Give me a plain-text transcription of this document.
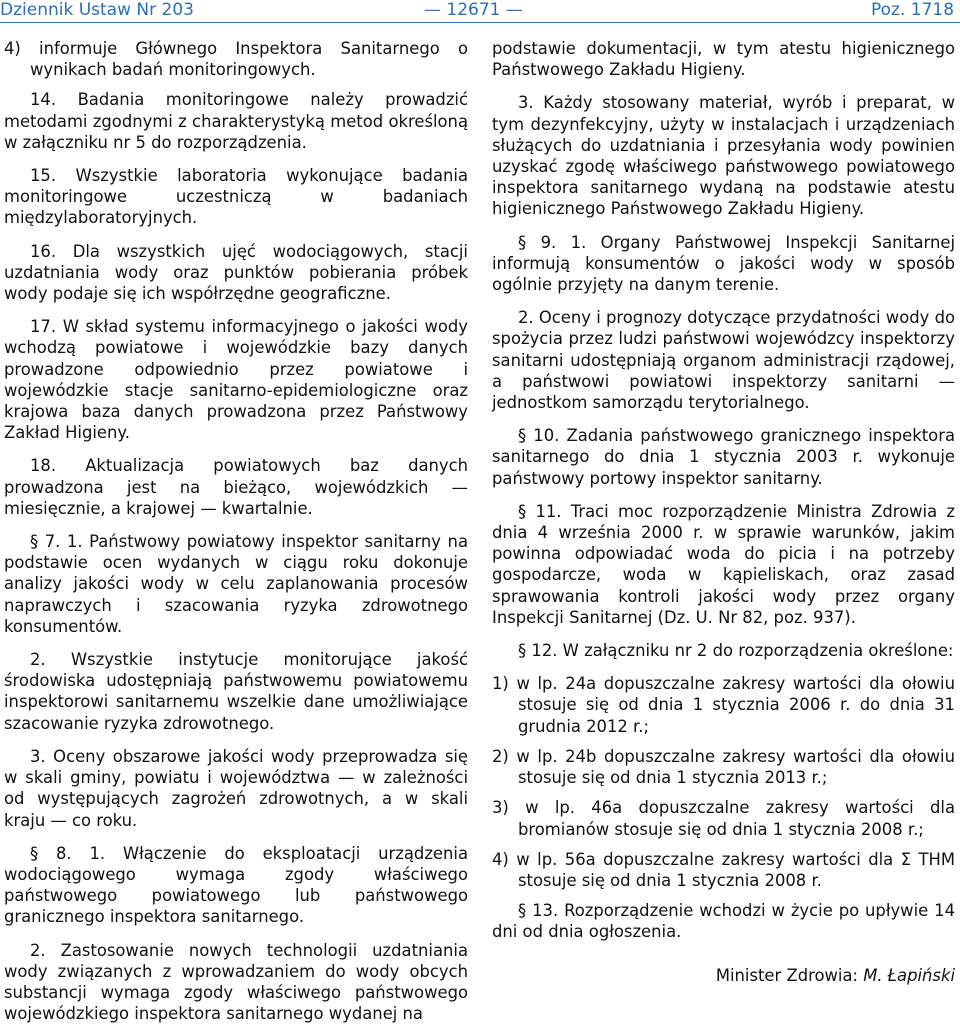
Dziennik Ustaw Nr 203	— 12671 —	Poz. 1718

4) informuje Głównego Inspektora Sanitarnego o wynikach badań monitoringowych.

14. Badania monitoringowe należy prowadzić metodami zgodnymi z charakterystyką metod określoną w załączniku nr 5 do rozporządzenia.

15. Wszystkie laboratoria wykonujące badania monitoringowe uczestniczą w badaniach międzylaboratoryjnych.

16. Dla wszystkich ujęć wodociągowych, stacji uzdatniania wody oraz punktów pobierania próbek wody podaje się ich współrzędne geograficzne.

17. W skład systemu informacyjnego o jakości wody wchodzą powiatowe i wojewódzkie bazy danych prowadzone odpowiednio przez powiatowe i wojewódzkie stacje sanitarno-epidemiologiczne oraz krajowa baza danych prowadzona przez Państwowy Zakład Higieny.

18. Aktualizacja powiatowych baz danych prowadzona jest na bieżąco, wojewódzkich — miesięcznie, a krajowej — kwartalnie.

§ 7. 1. Państwowy powiatowy inspektor sanitarny na podstawie ocen wydanych w ciągu roku dokonuje analizy jakości wody w celu zaplanowania procesów naprawczych i szacowania ryzyka zdrowotnego konsumentów.

2. Wszystkie instytucje monitorujące jakość środowiska udostępniają państwowemu powiatowemu inspektorowi sanitarnemu wszelkie dane umożliwiające szacowanie ryzyka zdrowotnego.

3. Oceny obszarowe jakości wody przeprowadza się w skali gminy, powiatu i województwa — w zależności od występujących zagrożeń zdrowotnych, a w skali kraju — co roku.

§ 8. 1. Włączenie do eksploatacji urządzenia wodociągowego wymaga zgody właściwego państwowego powiatowego lub państwowego granicznego inspektora sanitarnego.

2. Zastosowanie nowych technologii uzdatniania wody związanych z wprowadzaniem do wody obcych substancji wymaga zgody właściwego państwowego wojewódzkiego inspektora sanitarnego wydanej na

podstawie dokumentacji, w tym atestu higienicznego Państwowego Zakładu Higieny.

3. Każdy stosowany materiał, wyrób i preparat, w tym dezynfekcyjny, użyty w instalacjach i urządzeniach służących do uzdatniania i przesyłania wody powinien uzyskać zgodę właściwego państwowego powiatowego inspektora sanitarnego wydaną na podstawie atestu higienicznego Państwowego Zakładu Higieny.

§ 9. 1. Organy Państwowej Inspekcji Sanitarnej informują konsumentów o jakości wody w sposób ogólnie przyjęty na danym terenie.

2. Oceny i prognozy dotyczące przydatności wody do spożycia przez ludzi państwowi wojewódzcy inspektorzy sanitarni udostępniają organom administracji rządowej, a państwowi powiatowi inspektorzy sanitarni — jednostkom samorządu terytorialnego.

§ 10. Zadania państwowego granicznego inspektora sanitarnego do dnia 1 stycznia 2003 r. wykonuje państwowy portowy inspektor sanitarny.

§ 11. Traci moc rozporządzenie Ministra Zdrowia z dnia 4 września 2000 r. w sprawie warunków, jakim powinna odpowiadać woda do picia i na potrzeby gospodarcze, woda w kąpieliskach, oraz zasad sprawowania kontroli jakości wody przez organy Inspekcji Sanitarnej (Dz. U. Nr 82, poz. 937).

§ 12. W załączniku nr 2 do rozporządzenia określone:

1) w lp. 24a dopuszczalne zakresy wartości dla ołowiu stosuje się od dnia 1 stycznia 2006 r. do dnia 31 grudnia 2012 r.;

2) w lp. 24b dopuszczalne zakresy wartości dla ołowiu stosuje się od dnia 1 stycznia 2013 r.;

3) w lp. 46a dopuszczalne zakresy wartości dla bromianów stosuje się od dnia 1 stycznia 2008 r.;

4) w lp. 56a dopuszczalne zakresy wartości dla Σ THM stosuje się od dnia 1 stycznia 2008 r.

§ 13. Rozporządzenie wchodzi w życie po upływie 14 dni od dnia ogłoszenia.

Minister Zdrowia: M. Łapiński
